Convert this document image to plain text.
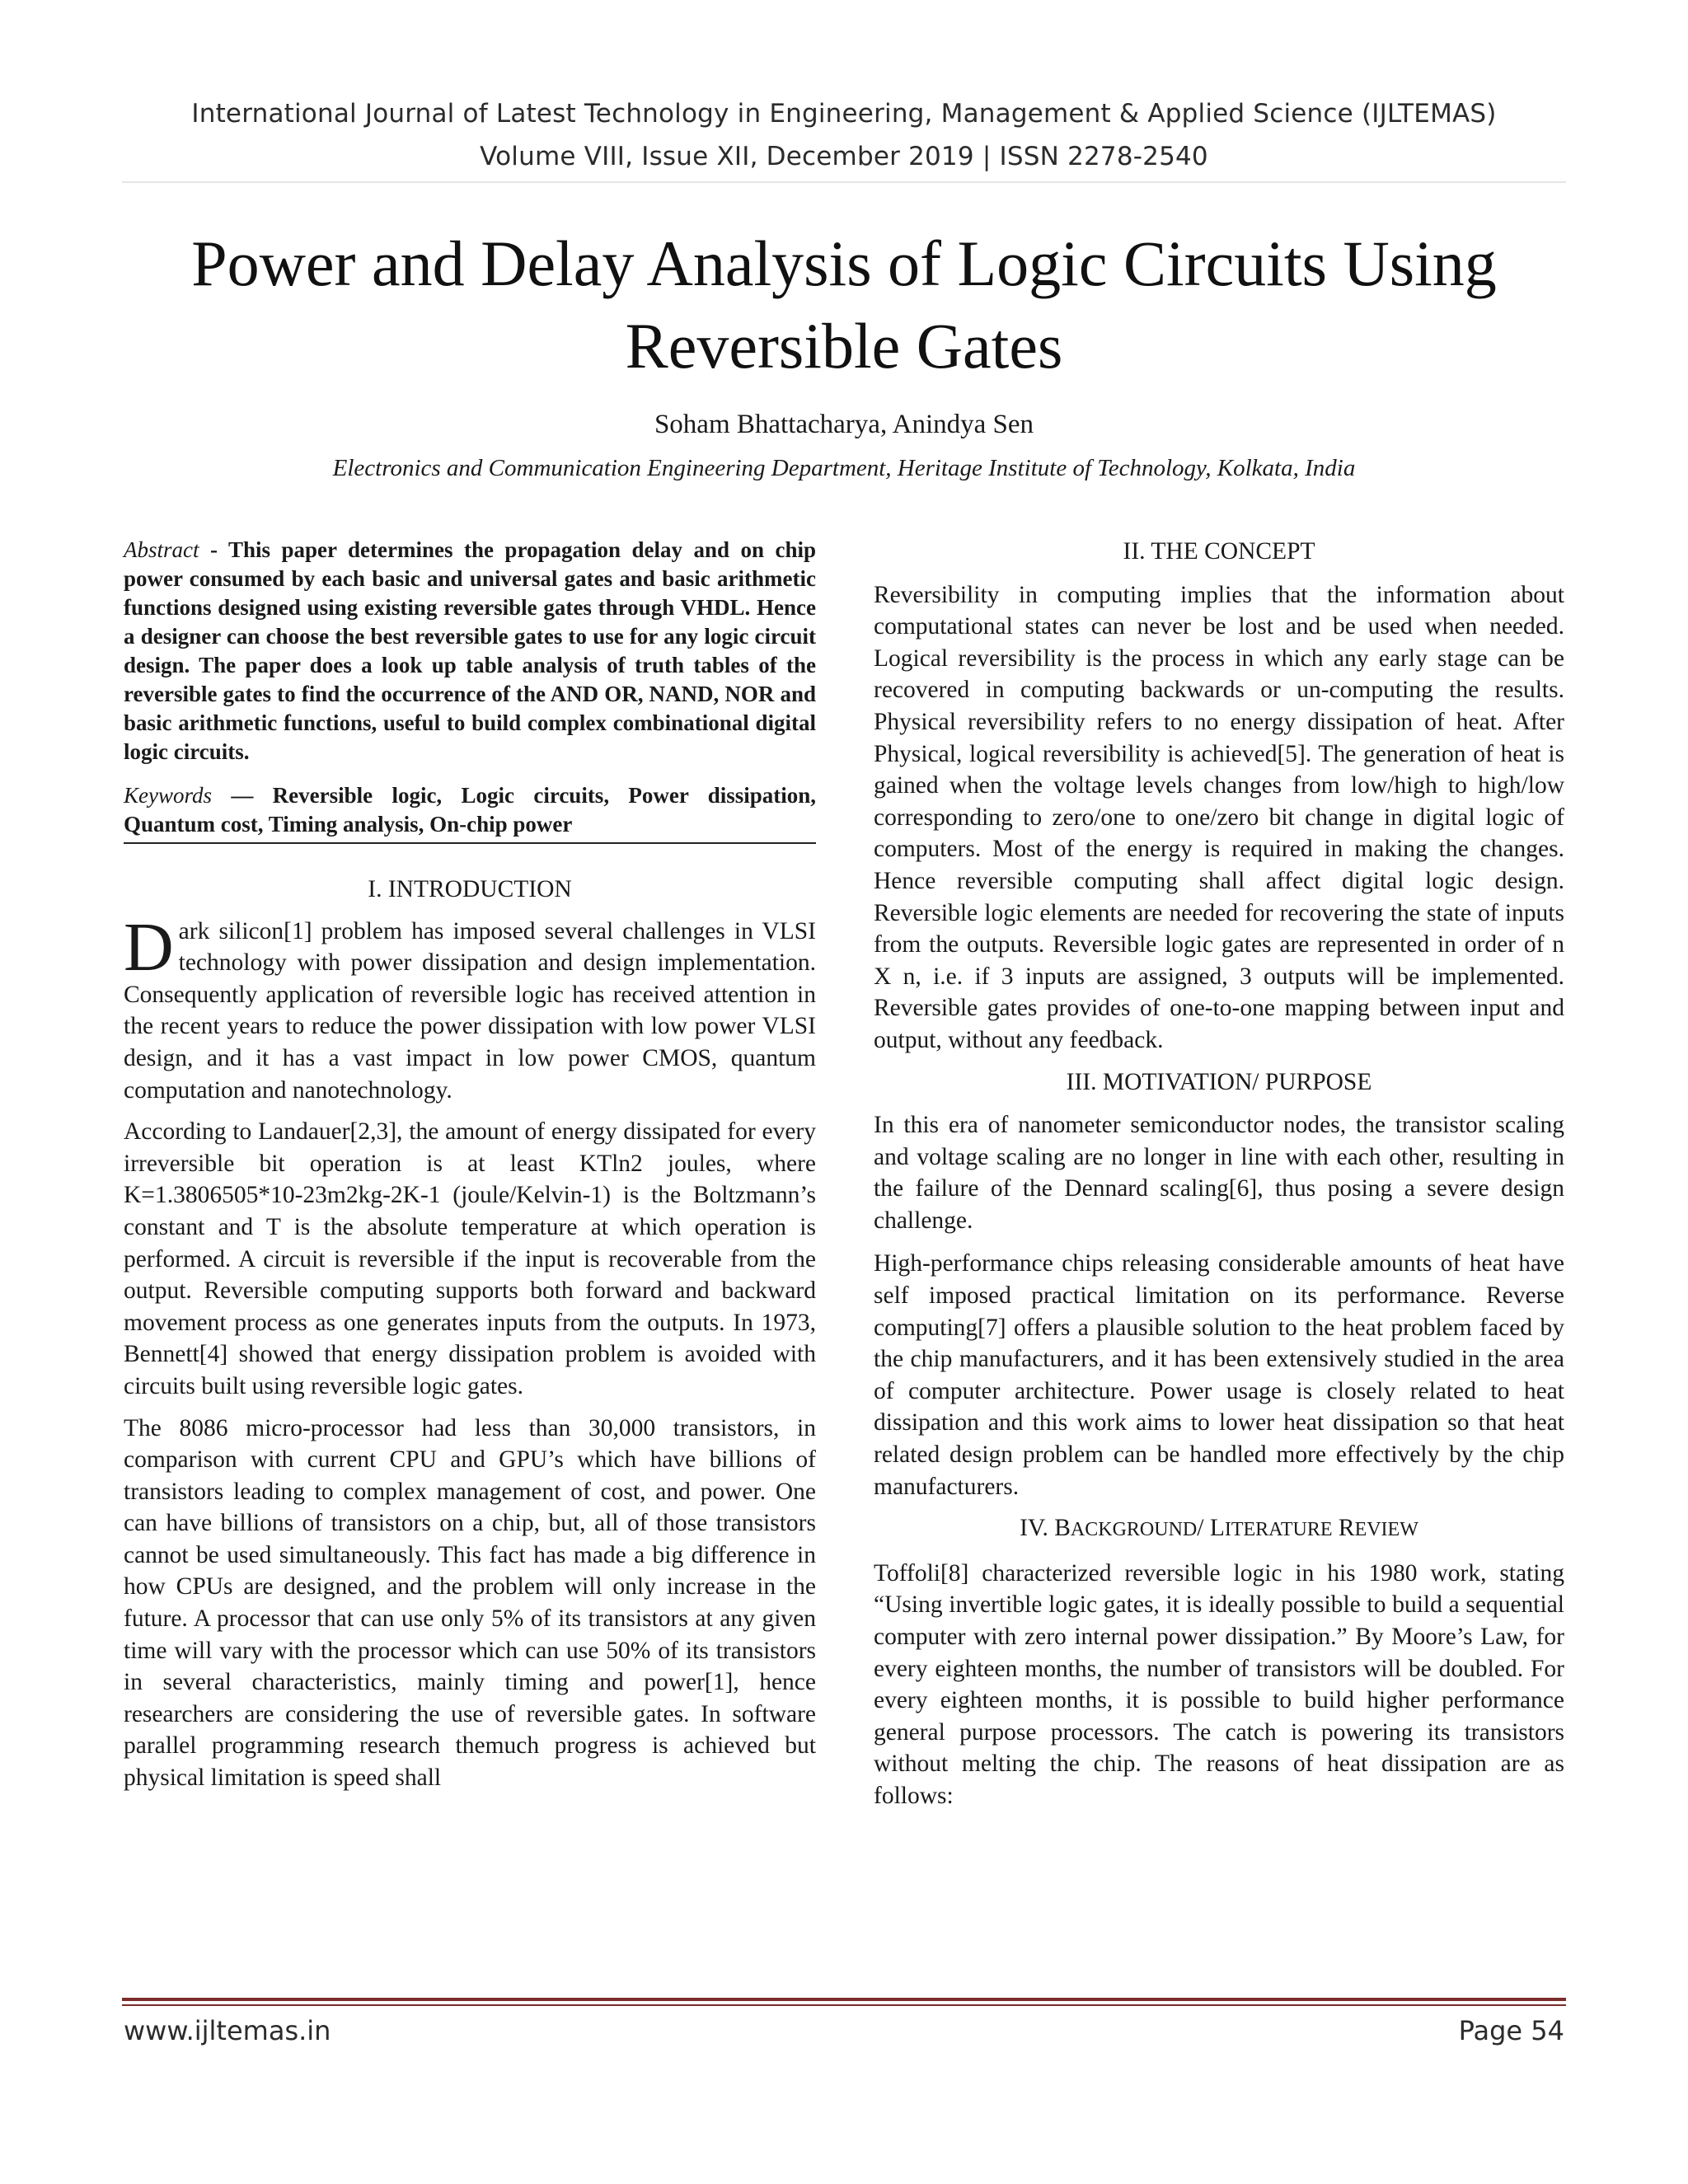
International Journal of Latest Technology in Engineering, Management & Applied Science (IJLTEMAS)
Volume VIII, Issue XII, December 2019 | ISSN 2278-2540
Power and Delay Analysis of Logic Circuits Using
Reversible Gates
Soham Bhattacharya, Anindya Sen
Electronics and Communication Engineering Department, Heritage Institute of Technology, Kolkata, India

Abstract - This paper determines the propagation delay and on chip power consumed by each basic and universal gates and basic arithmetic functions designed using existing reversible gates through VHDL. Hence a designer can choose the best reversible gates to use for any logic circuit design. The paper does a look up table analysis of truth tables of the reversible gates to find the occurrence of the AND OR, NAND, NOR and basic arithmetic functions, useful to build complex combinational digital logic circuits.

Keywords — Reversible logic, Logic circuits, Power dissipation, Quantum cost, Timing analysis, On-chip power

I. INTRODUCTION

Dark silicon[1] problem has imposed several challenges in VLSI technology with power dissipation and design implementation. Consequently application of reversible logic has received attention in the recent years to reduce the power dissipation with low power VLSI design, and it has a vast impact in low power CMOS, quantum computation and nanotechnology.

According to Landauer[2,3], the amount of energy dissipated for every irreversible bit operation is at least KTln2 joules, where K=1.3806505*10-23m2kg-2K-1 (joule/Kelvin-1) is the Boltzmann’s constant and T is the absolute temperature at which operation is performed. A circuit is reversible if the input is recoverable from the output. Reversible computing supports both forward and backward movement process as one generates inputs from the outputs. In 1973, Bennett[4] showed that energy dissipation problem is avoided with circuits built using reversible logic gates.

The 8086 micro-processor had less than 30,000 transistors, in comparison with current CPU and GPU’s which have billions of transistors leading to complex management of cost, and power. One can have billions of transistors on a chip, but, all of those transistors cannot be used simultaneously. This fact has made a big difference in how CPUs are designed, and the problem will only increase in the future. A processor that can use only 5% of its transistors at any given time will vary with the processor which can use 50% of its transistors in several characteristics, mainly timing and power[1], hence researchers are considering the use of reversible gates. In software parallel programming research themuch progress is achieved but physical limitation is speed shall

II. THE CONCEPT

Reversibility in computing implies that the information about computational states can never be lost and be used when needed. Logical reversibility is the process in which any early stage can be recovered in computing backwards or un-computing the results. Physical reversibility refers to no energy dissipation of heat. After Physical, logical reversibility is achieved[5]. The generation of heat is gained when the voltage levels changes from low/high to high/low corresponding to zero/one to one/zero bit change in digital logic of computers. Most of the energy is required in making the changes. Hence reversible computing shall affect digital logic design. Reversible logic elements are needed for recovering the state of inputs from the outputs. Reversible logic gates are represented in order of n X n, i.e. if 3 inputs are assigned, 3 outputs will be implemented. Reversible gates provides of one-to-one mapping between input and output, without any feedback.

III. MOTIVATION/ PURPOSE

In this era of nanometer semiconductor nodes, the transistor scaling and voltage scaling are no longer in line with each other, resulting in the failure of the Dennard scaling[6], thus posing a severe design challenge.

High-performance chips releasing considerable amounts of heat have self imposed practical limitation on its performance. Reverse computing[7] offers a plausible solution to the heat problem faced by the chip manufacturers, and it has been extensively studied in the area of computer architecture. Power usage is closely related to heat dissipation and this work aims to lower heat dissipation so that heat related design problem can be handled more effectively by the chip manufacturers.

IV. BACKGROUND/ LITERATURE REVIEW

Toffoli[8] characterized reversible logic in his 1980 work, stating “Using invertible logic gates, it is ideally possible to build a sequential computer with zero internal power dissipation.” By Moore’s Law, for every eighteen months, the number of transistors will be doubled. For every eighteen months, it is possible to build higher performance general purpose processors. The catch is powering its transistors without melting the chip. The reasons of heat dissipation are as follows:

www.ijltemas.in	Page 54
